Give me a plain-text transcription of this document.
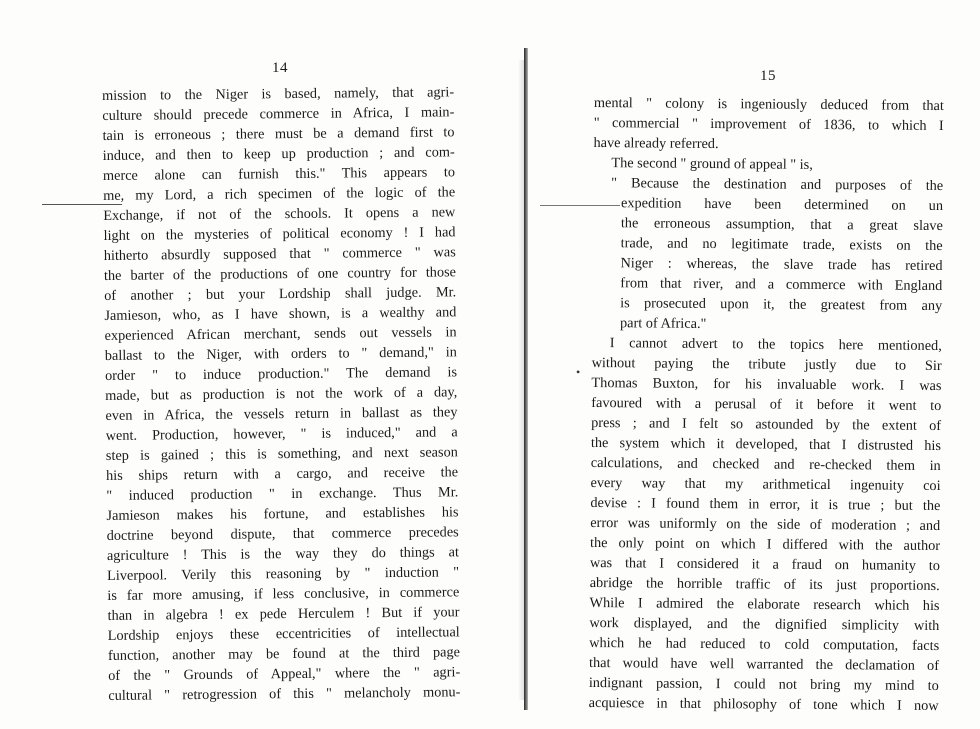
•
14
mission to the Niger is based, namely, that agri-
culture should precede commerce in Africa, I main-
tain is erroneous ; there must be a demand first to
induce, and then to keep up production ; and com-
merce alone can furnish this." This appears to
me, my Lord, a rich specimen of the logic of the
Exchange, if not of the schools. It opens a new
light on the mysteries of political economy ! I had
hitherto absurdly supposed that " commerce " was
the barter of the productions of one country for those
of another ; but your Lordship shall judge. Mr.
Jamieson, who, as I have shown, is a wealthy and
experienced African merchant, sends out vessels in
ballast to the Niger, with orders to " demand," in
order " to induce production." The demand is
made, but as production is not the work of a day,
even in Africa, the vessels return in ballast as they
went. Production, however, " is induced," and a
step is gained ; this is something, and next season
his ships return with a cargo, and receive the
" induced production " in exchange. Thus Mr.
Jamieson makes his fortune, and establishes his
doctrine beyond dispute, that commerce precedes
agriculture ! This is the way they do things at
Liverpool. Verily this reasoning by " induction "
is far more amusing, if less conclusive, in commerce
than in algebra ! ex pede Herculem ! But if your
Lordship enjoys these eccentricities of intellectual
function, another may be found at the third page
of the " Grounds of Appeal," where the " agri-
cultural " retrogression of this " melancholy monu-
15
mental " colony is ingeniously deduced from that
" commercial " improvement of 1836, to which I
have already referred.
The second " ground of appeal " is,
" Because the destination and purposes of the
expedition have been determined on un
the erroneous assumption, that a great slave
trade, and no legitimate trade, exists on the
Niger : whereas, the slave trade has retired
from that river, and a commerce with England
is prosecuted upon it, the greatest from any
part of Africa."
I cannot advert to the topics here mentioned,
without paying the tribute justly due to Sir
Thomas Buxton, for his invaluable work. I was
favoured with a perusal of it before it went to
press ; and I felt so astounded by the extent of
the system which it developed, that I distrusted his
calculations, and checked and re-checked them in
every way that my arithmetical ingenuity coi
devise : I found them in error, it is true ; but the
error was uniformly on the side of moderation ; and
the only point on which I differed with the author
was that I considered it a fraud on humanity to
abridge the horrible traffic of its just proportions.
While I admired the elaborate research which his
work displayed, and the dignified simplicity with
which he had reduced to cold computation, facts
that would have well warranted the declamation of
indignant passion, I could not bring my mind to
acquiesce in that philosophy of tone which I now
